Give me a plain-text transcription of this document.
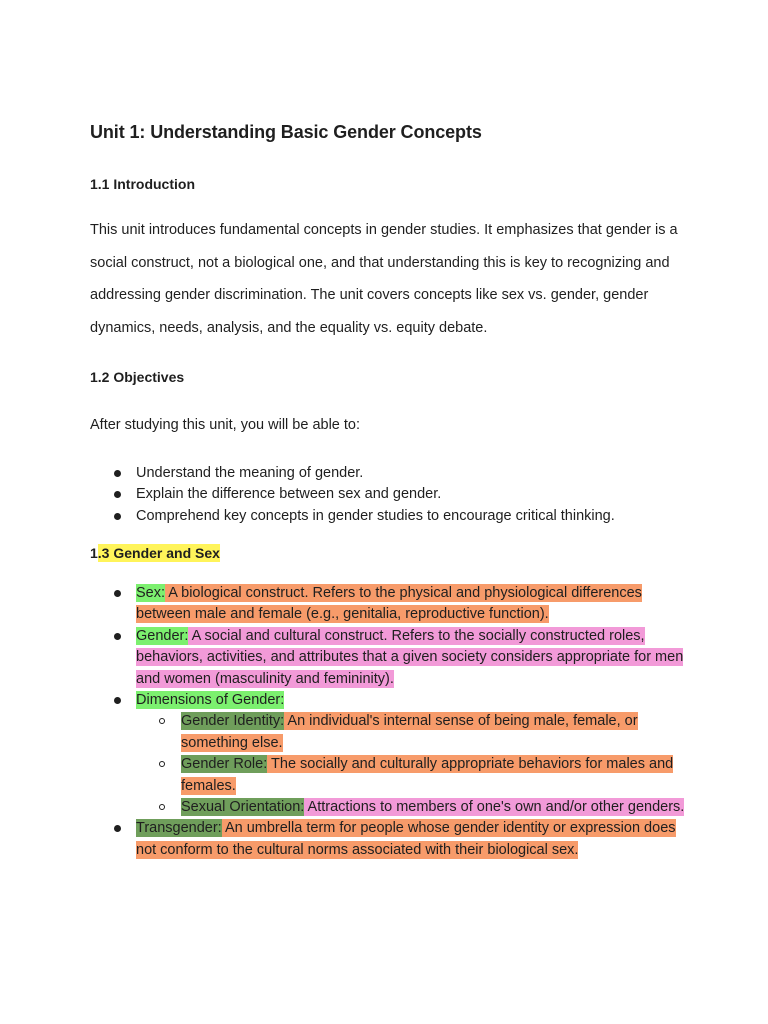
Unit 1: Understanding Basic Gender Concepts
1.1 Introduction

This unit introduces fundamental concepts in gender studies. It emphasizes that gender is a social construct, not a biological one, and that understanding this is key to recognizing and addressing gender discrimination. The unit covers concepts like sex vs. gender, gender dynamics, needs, analysis, and the equality vs. equity debate.

1.2 Objectives

After studying this unit, you will be able to:

Understand the meaning of gender.
Explain the difference between sex and gender.
Comprehend key concepts in gender studies to encourage critical thinking.
1.3 Gender and Sex
Sex: A biological construct. Refers to the physical and physiological differences between male and female (e.g., genitalia, reproductive function).
Gender: A social and cultural construct. Refers to the socially constructed roles, behaviors, activities, and attributes that a given society considers appropriate for men and women (masculinity and femininity).
Dimensions of Gender:
Gender Identity: An individual's internal sense of being male, female, or something else.
Gender Role: The socially and culturally appropriate behaviors for males and females.
Sexual Orientation: Attractions to members of one's own and/or other genders.
Transgender: An umbrella term for people whose gender identity or expression does not conform to the cultural norms associated with their biological sex.
